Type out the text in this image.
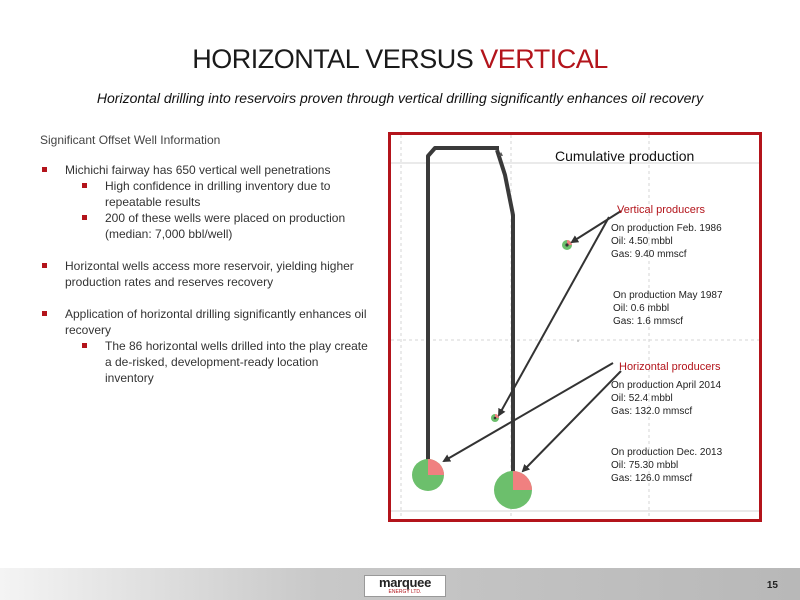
HORIZONTAL VERSUS VERTICAL
Horizontal drilling into reservoirs proven through vertical drilling significantly enhances oil recovery
Significant Offset Well Information
Michichi fairway has 650 vertical well penetrations
High confidence in drilling inventory due to repeatable results
200 of these wells were placed on production (median: 7,000 bbl/well)
Horizontal wells access more reservoir, yielding higher production rates and reserves recovery
Application of horizontal drilling significantly enhances oil recovery
The 86 horizontal wells drilled into the play create a de-risked, development-ready location inventory
▴
▫
Cumulative production
Vertical producers
Horizontal producers
On production Feb. 1986
Oil: 4.50 mbbl
Gas: 9.40 mmscf
On production May 1987
Oil: 0.6 mbbl
Gas: 1.6 mmscf
On production April 2014
Oil: 52.4 mbbl
Gas: 132.0 mmscf
On production Dec. 2013
Oil: 75.30 mbbl
Gas: 126.0 mmscf
marquee
ENERGY LTD.
15
